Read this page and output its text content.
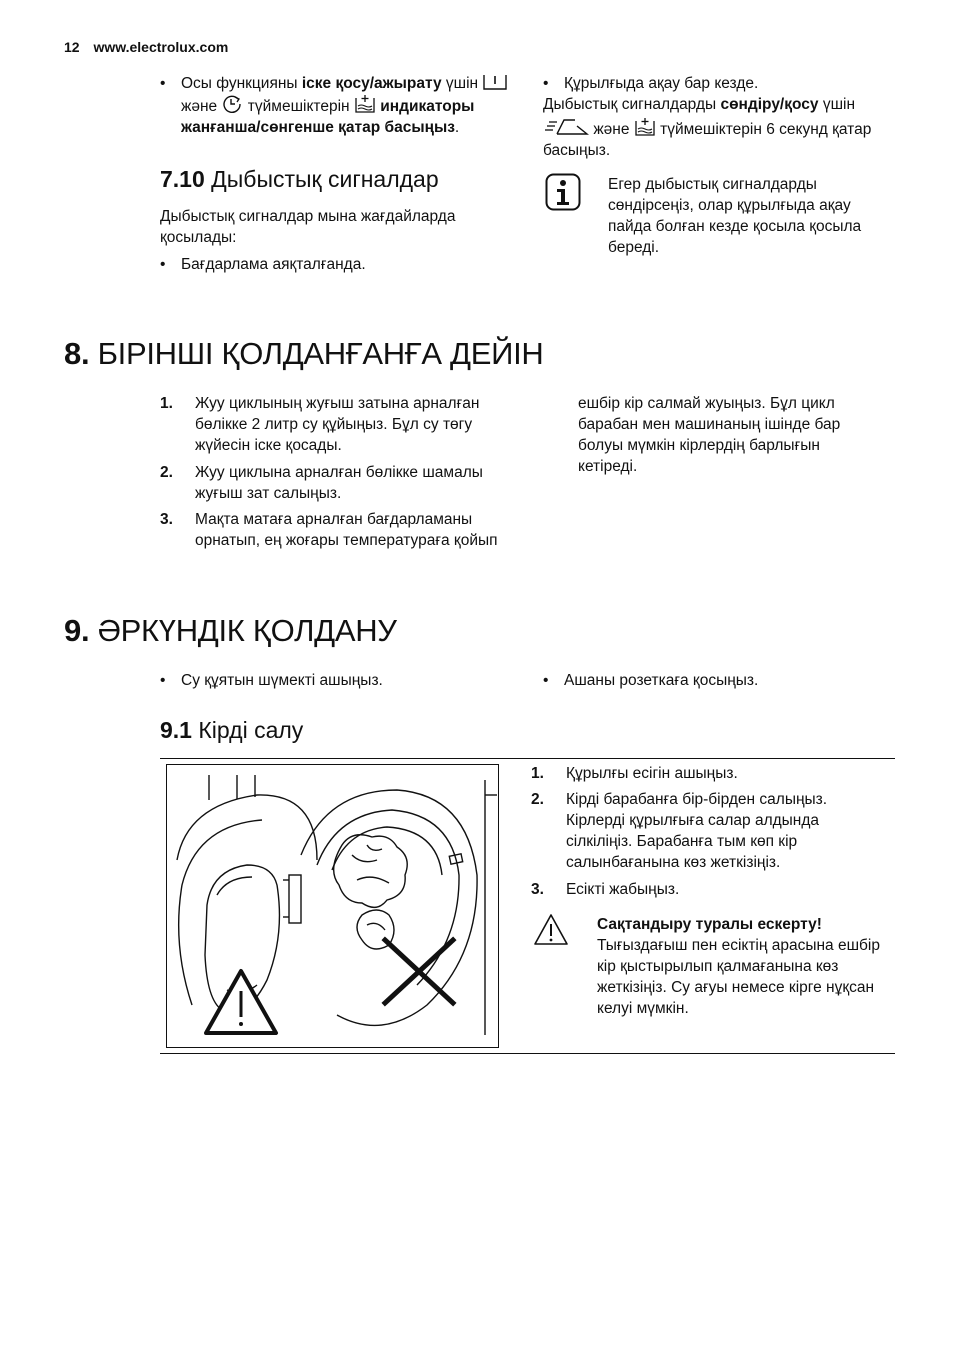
12 www.electrolux.com
• Осы функцияны іске қосу/ажырату үшін
және түймешіктерін индикаторы жанғанша/сөнгенше қатар басыңыз.
7.10 Дыбыстық сигналдар
Дыбыстық сигналдар мына жағдайларда қосылады:
• Бағдарлама аяқталғанда.
• Құрылғыда ақау бар кезде.
Дыбыстық сигналдарды сөндіру/қосу үшін
және түймешіктерін 6 секунд қатар
басыңыз.
Егер дыбыстық сигналдарды сөндірсеңіз, олар құрылғыда ақау пайда болған кезде қосыла қосыла береді.
8. БІРІНШІ ҚОЛДАНҒАНҒА ДЕЙІН
1. Жуу циклының жуғыш затына арналған бөлікке 2 литр су құйыңыз. Бұл су төгу жүйесін іске қосады.
2. Жуу циклына арналған бөлікке шамалы жуғыш зат салыңыз.
3. Мақта матаға арналған бағдарламаны орнатып, ең жоғары температураға қойып
ешбір кір салмай жуыңыз. Бұл цикл барабан мен машинаның ішінде бар болуы мүмкін кірлердің барлығын кетіреді.
9. ӘРКҮНДІК ҚОЛДАНУ
• Су құятын шүмекті ашыңыз.	• Ашаны розеткаға қосыңыз.
9.1 Кірді салу
1. Құрылғы есігін ашыңыз.
2. Кірді барабанға бір-бірден салыңыз. Кірлерді құрылғыға салар алдында сілкіліңіз. Барабанға тым көп кір салынбағанына көз жеткізіңіз.
3. Есікті жабыңыз.
Сақтандыру туралы ескерту!
Тығыздағыш пен есіктің арасына ешбір кір қыстырылып қалмағанына көз жеткізіңіз. Су ағуы немесе кірге нұқсан келуі мүмкін.
